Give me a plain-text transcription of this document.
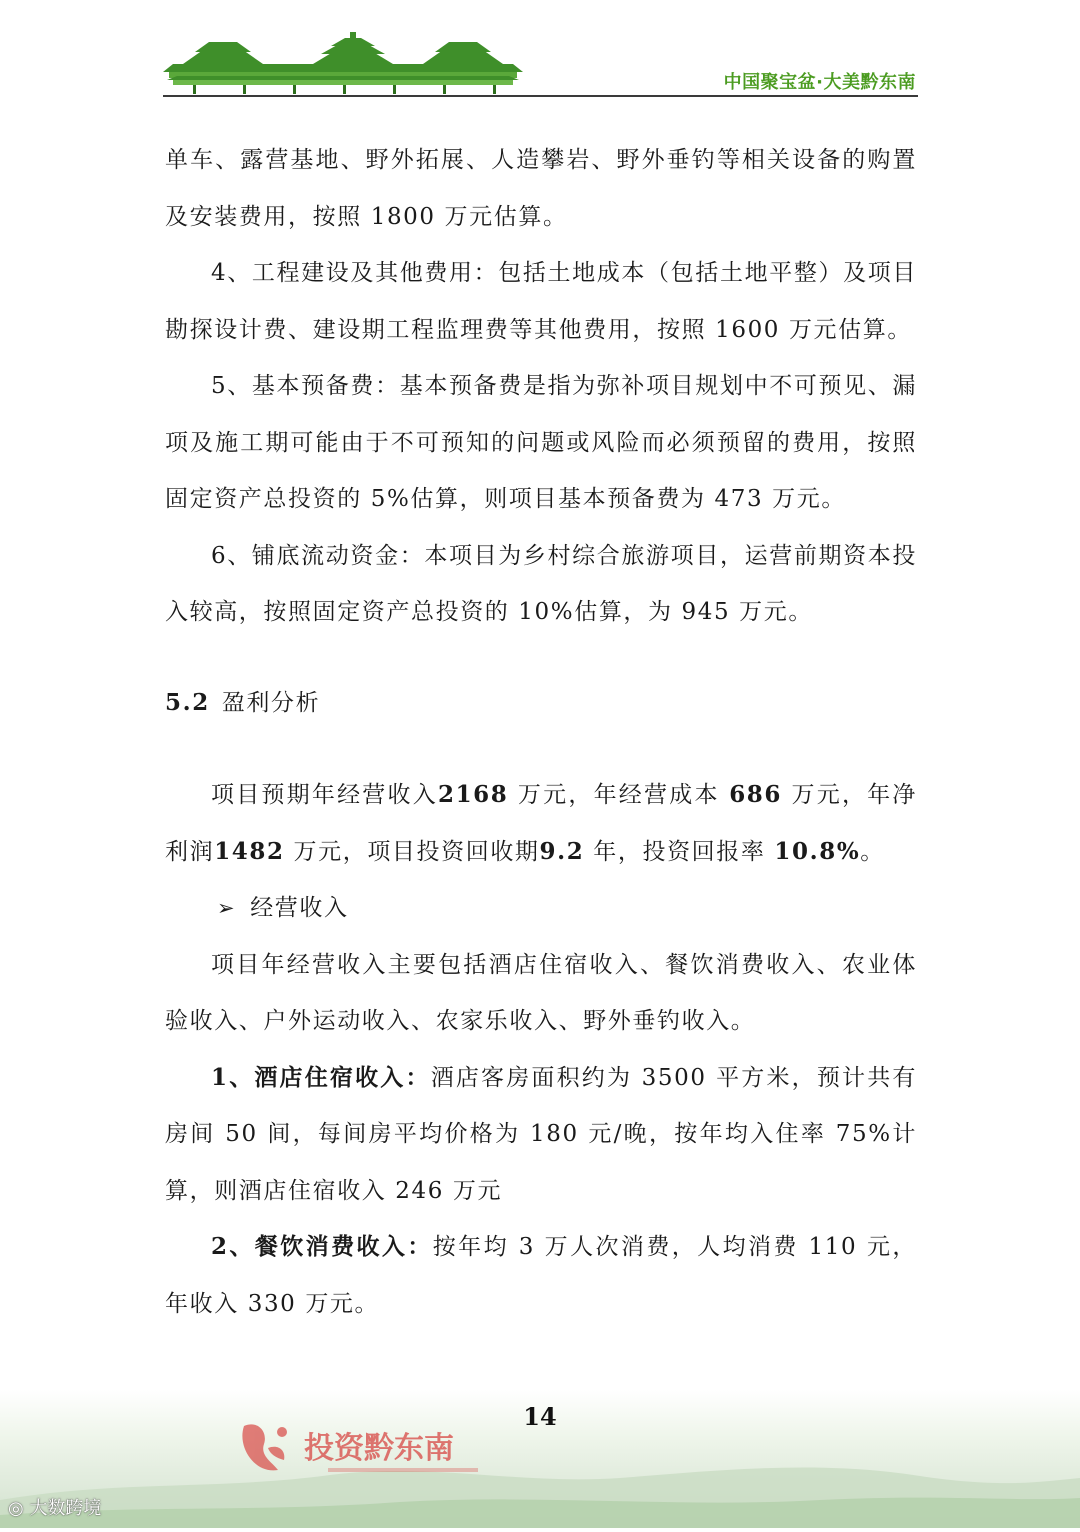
中国聚宝盆·大美黔东南

单车、露营基地、野外拓展、人造攀岩、野外垂钓等相关设备的购置及安装费用，按照 1800 万元估算。

4、工程建设及其他费用：包括土地成本（包括土地平整）及项目勘探设计费、建设期工程监理费等其他费用，按照 1600 万元估算。

5、基本预备费：基本预备费是指为弥补项目规划中不可预见、漏项及施工期可能由于不可预知的问题或风险而必须预留的费用，按照固定资产总投资的 5%估算，则项目基本预备费为 473 万元。

6、铺底流动资金：本项目为乡村综合旅游项目，运营前期资本投入较高，按照固定资产总投资的 10%估算，为 945 万元。

5.2 盈利分析

项目预期年经营收入2168 万元，年经营成本 686 万元，年净利润1482 万元，项目投资回收期9.2 年，投资回报率 10.8%。

➢ 经营收入

项目年经营收入主要包括酒店住宿收入、餐饮消费收入、农业体验收入、户外运动收入、农家乐收入、野外垂钓收入。

1、酒店住宿收入：酒店客房面积约为 3500 平方米，预计共有房间 50 间，每间房平均价格为 180 元/晚，按年均入住率 75%计算，则酒店住宿收入 246 万元

2、餐饮消费收入：按年均 3 万人次消费，人均消费 110 元，年收入 330 万元。

14
投资黔东南
◎ 大数跨境
